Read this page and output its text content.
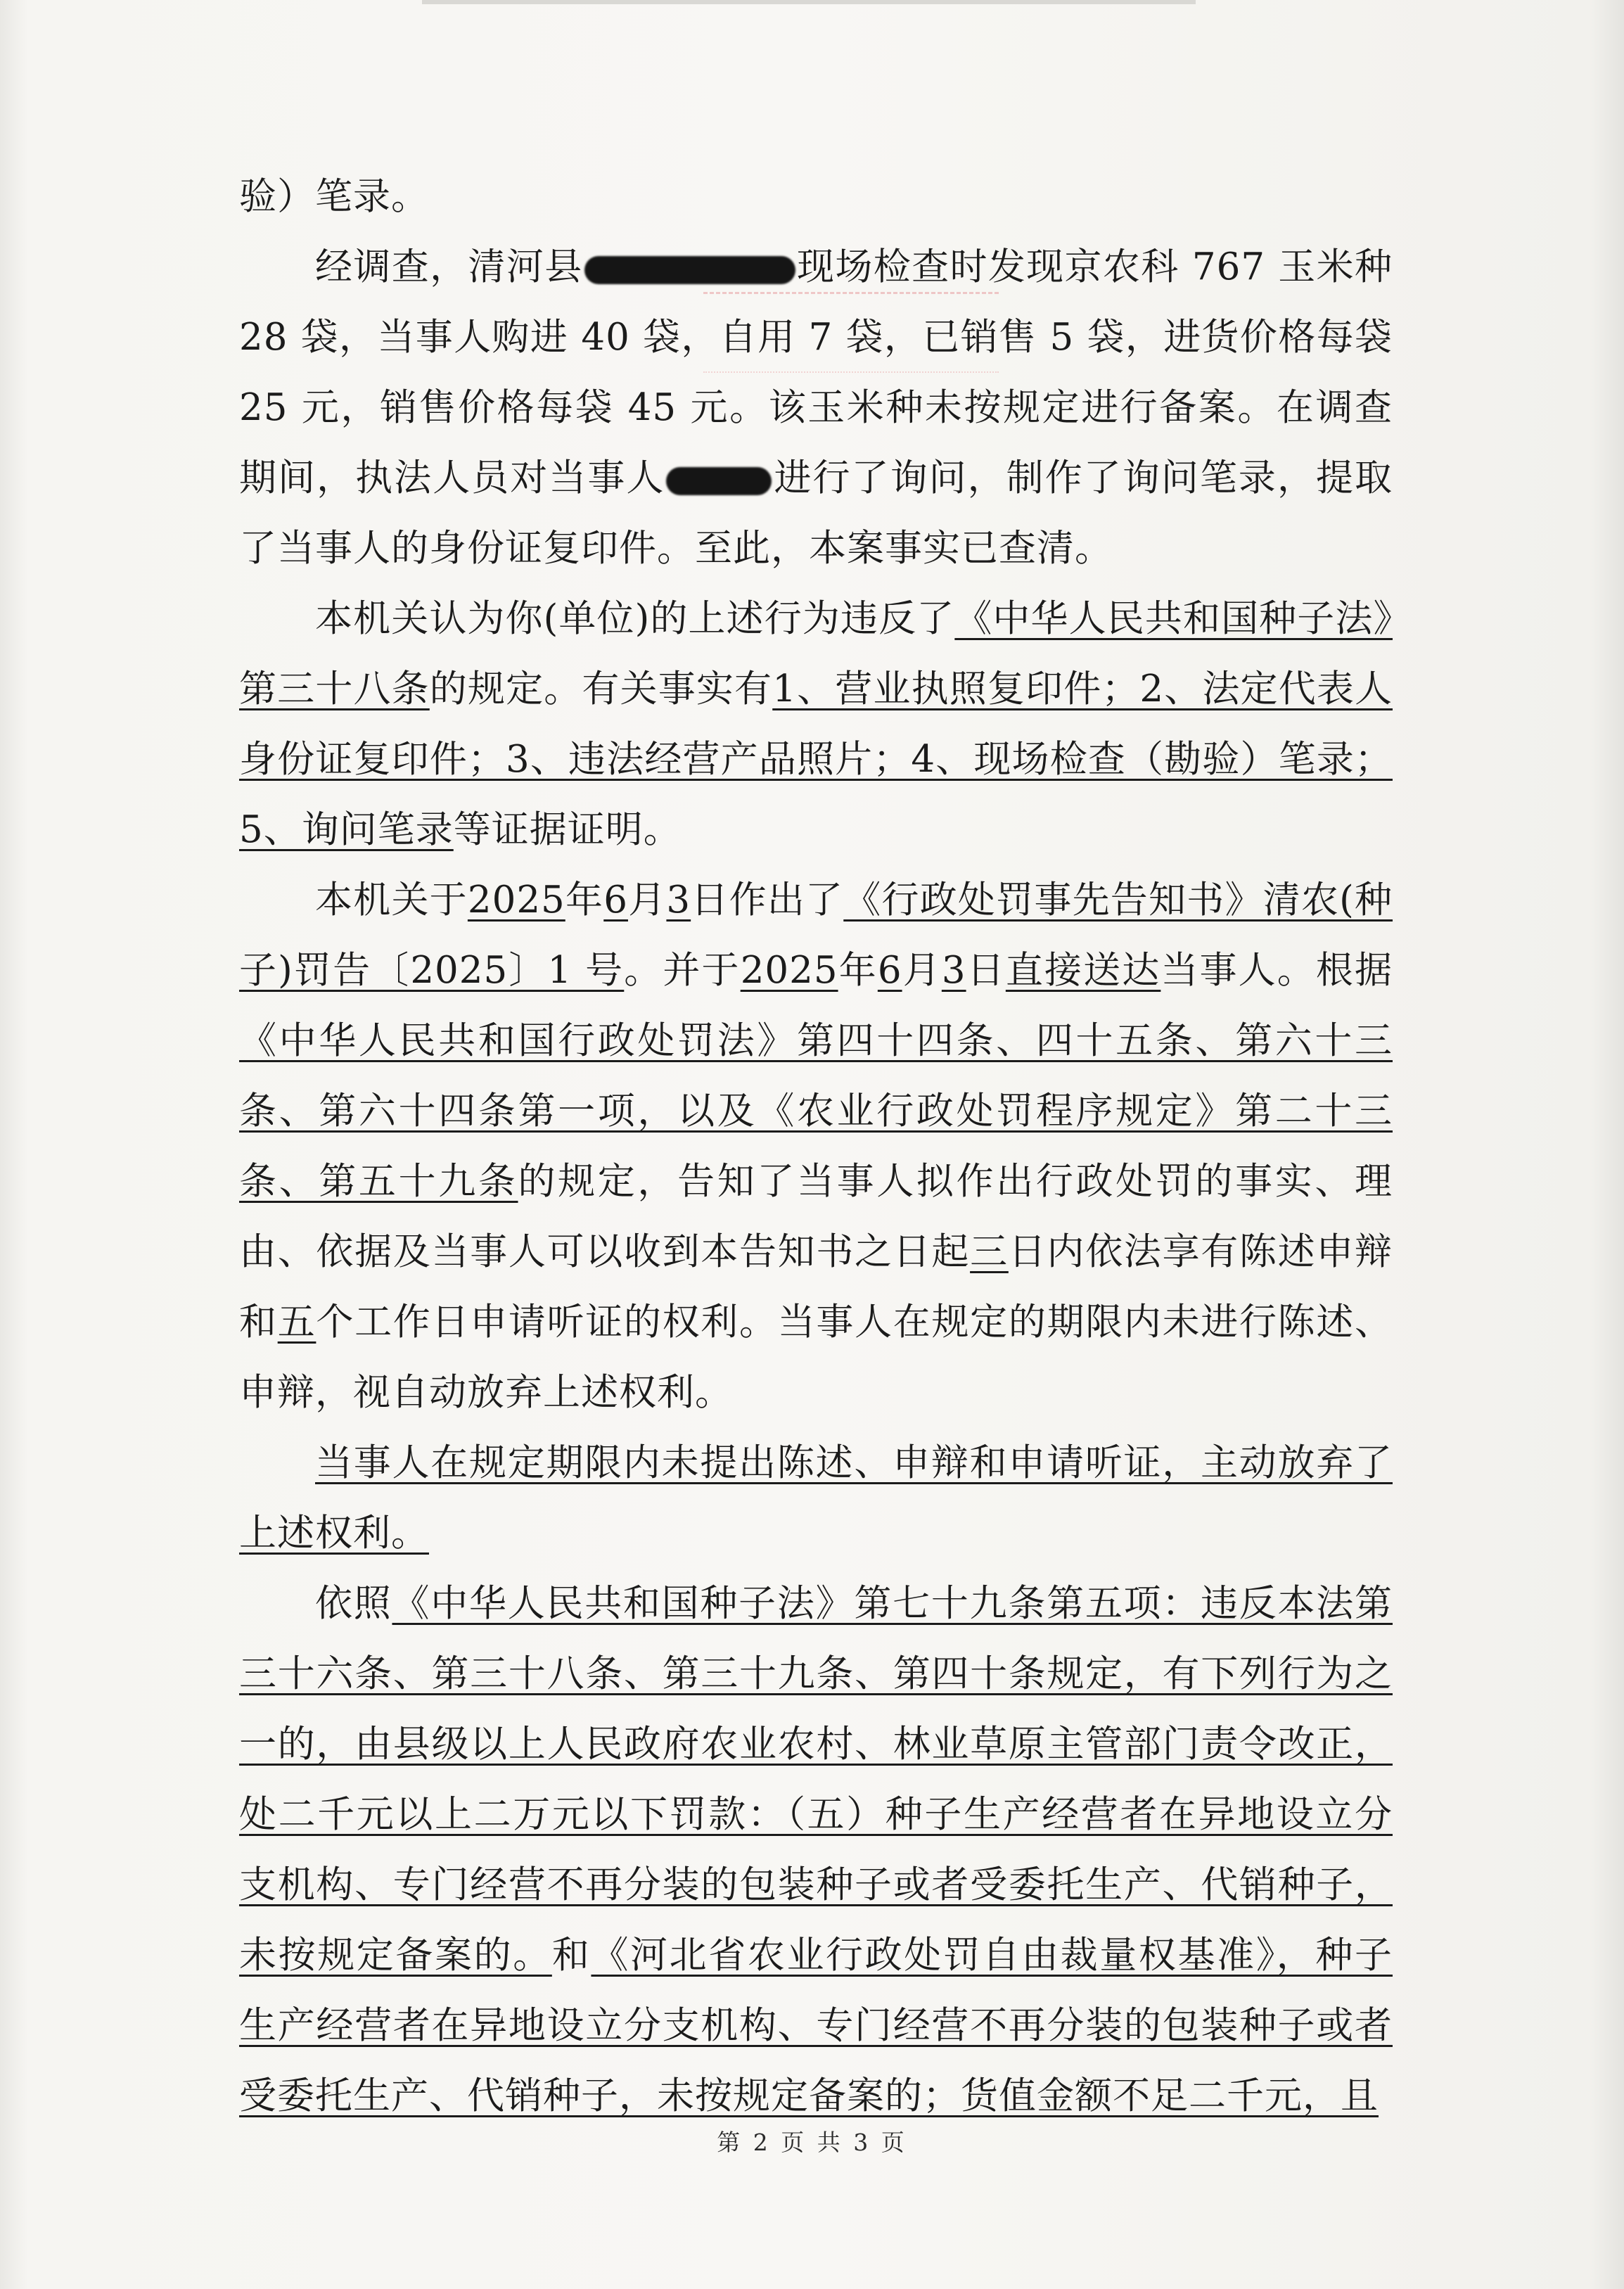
验）笔录。

经调查，清河县	现场检查时发现京农科 767 玉米种 28 袋，当事人购进 40 袋，自用 7 袋，已销售 5 袋，进货价格每袋 25 元，销售价格每袋 45 元。该玉米种未按规定进行备案。在调查期间，执法人员对当事人	进行了询问，制作了询问笔录，提取了当事人的身份证复印件。至此，本案事实已查清。

本机关认为你(单位)的上述行为违反了《中华人民共和国种子法》第三十八条的规定。有关事实有1、营业执照复印件；2、法定代表人身份证复印件；3、违法经营产品照片；4、现场检查（勘验）笔录；5、询问笔录等证据证明。

本机关于2025年6月3日作出了《行政处罚事先告知书》清农(种子)罚告〔2025〕1 号。并于2025年6月3日直接送达当事人。根据《中华人民共和国行政处罚法》第四十四条、四十五条、第六十三条、第六十四条第一项，以及《农业行政处罚程序规定》第二十三条、第五十九条的规定，告知了当事人拟作出行政处罚的事实、理由、依据及当事人可以收到本告知书之日起三日内依法享有陈述申辩和五个工作日申请听证的权利。当事人在规定的期限内未进行陈述、申辩，视自动放弃上述权利。

当事人在规定期限内未提出陈述、申辩和申请听证，主动放弃了上述权利。

依照《中华人民共和国种子法》第七十九条第五项：违反本法第三十六条、第三十八条、第三十九条、第四十条规定，有下列行为之一的，由县级以上人民政府农业农村、林业草原主管部门责令改正，处二千元以上二万元以下罚款：（五）种子生产经营者在异地设立分支机构、专门经营不再分装的包装种子或者受委托生产、代销种子，未按规定备案的。和《河北省农业行政处罚自由裁量权基准》，种子生产经营者在异地设立分支机构、专门经营不再分装的包装种子或者受委托生产、代销种子，未按规定备案的；货值金额不足二千元，且

第 2 页 共 3 页
